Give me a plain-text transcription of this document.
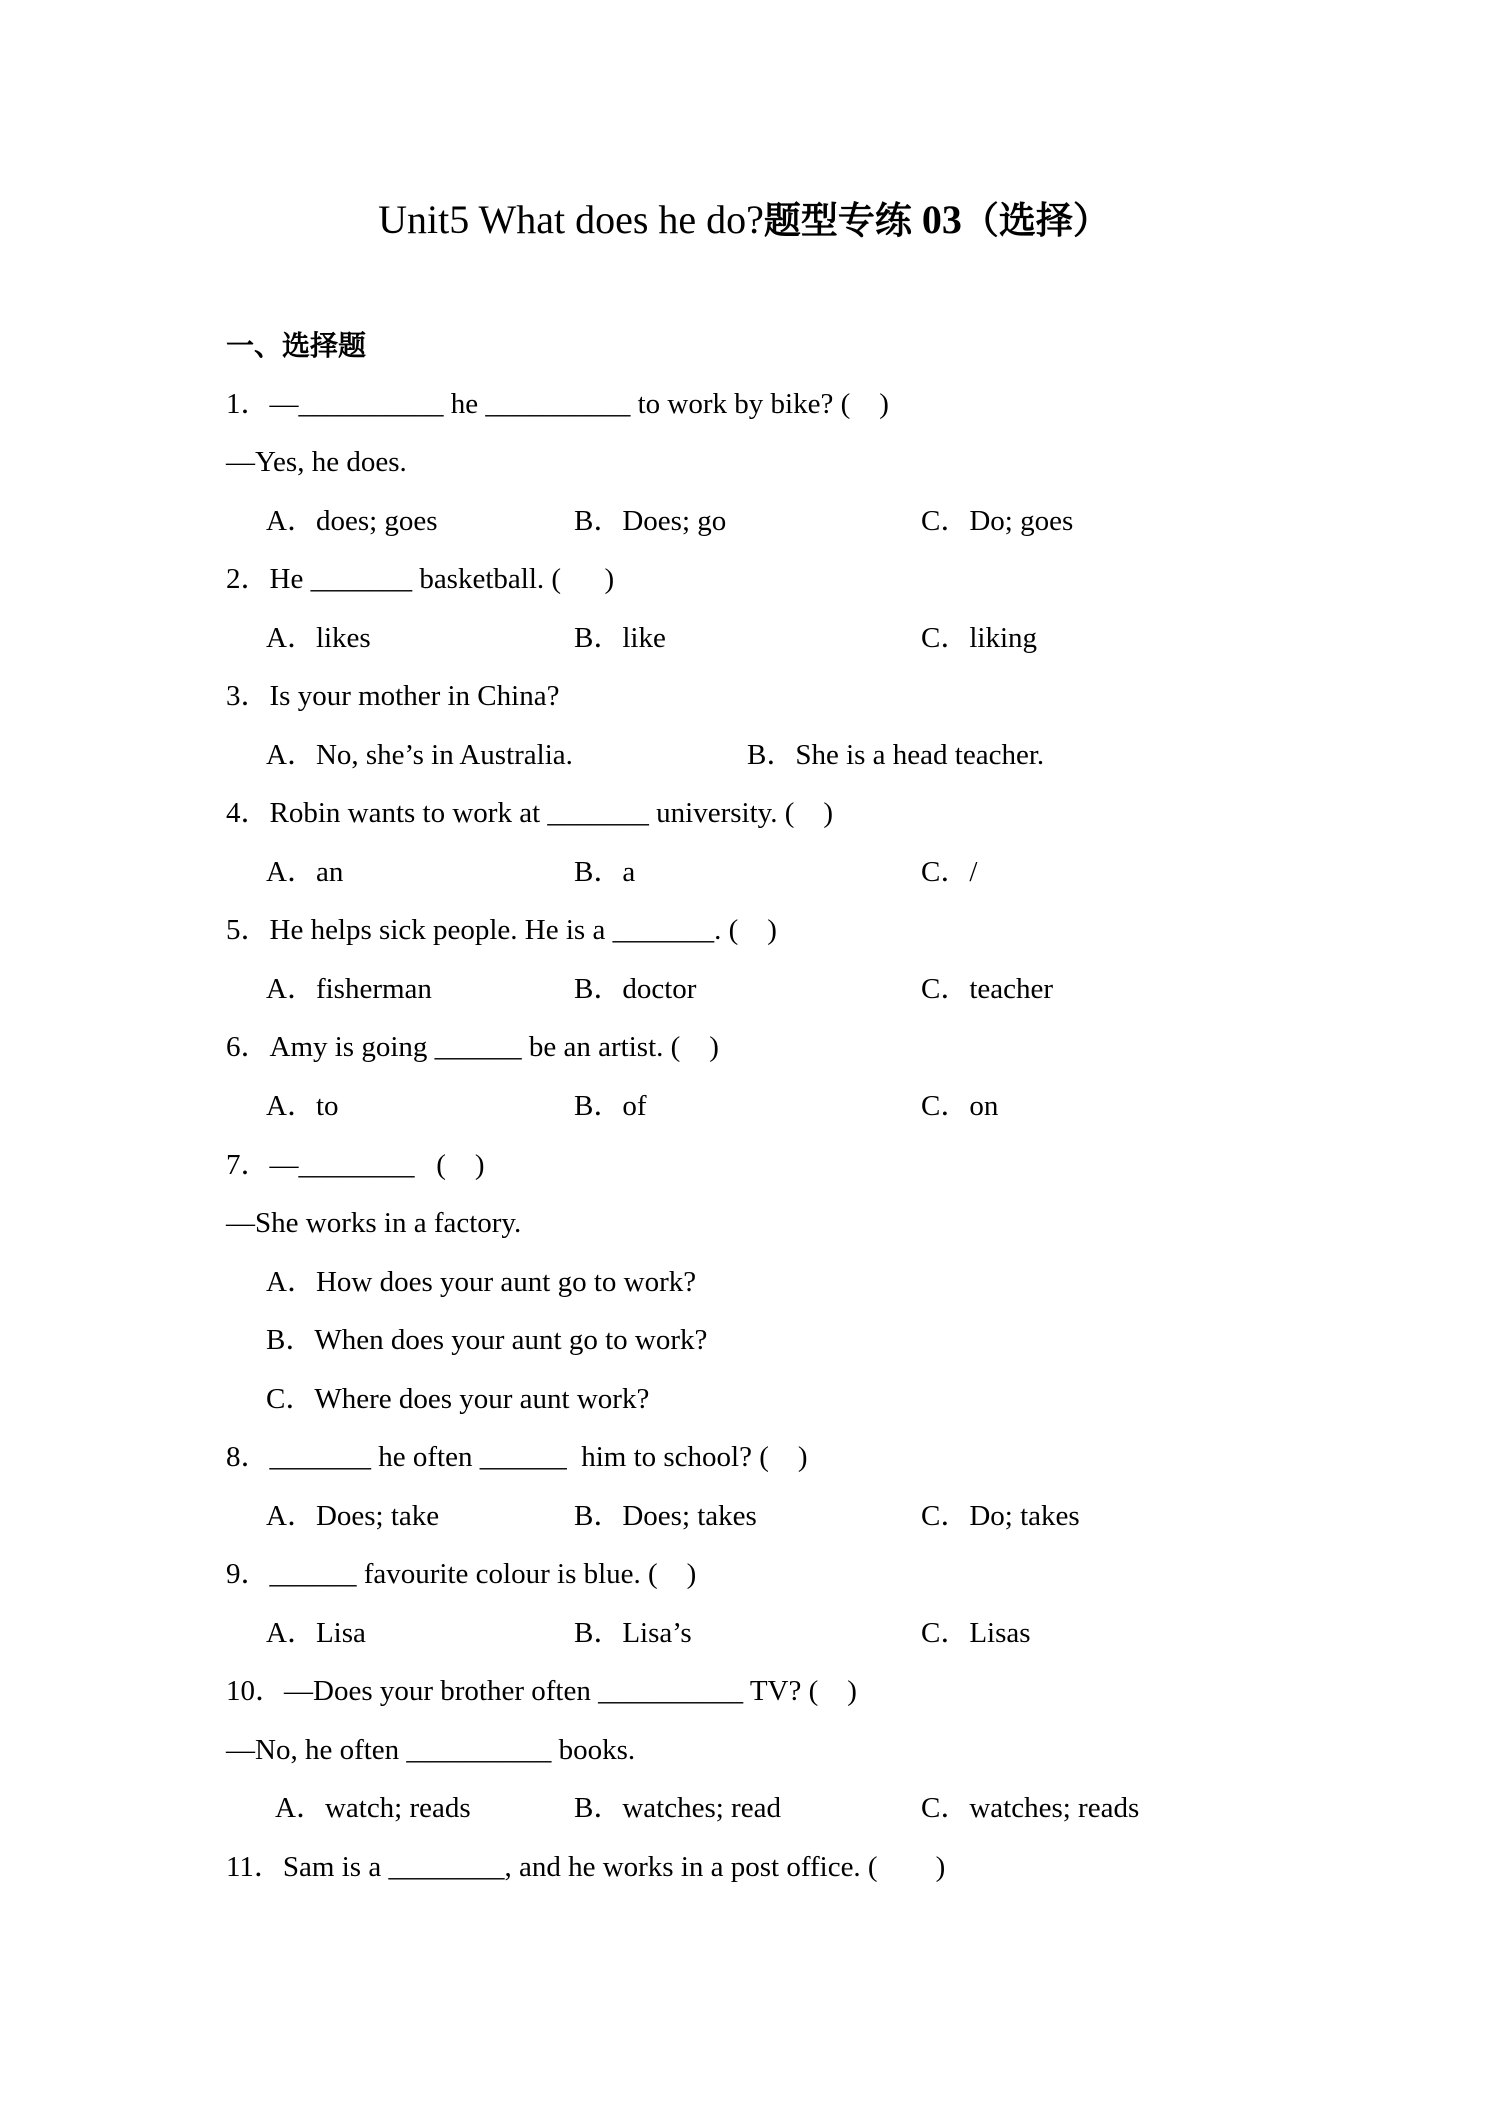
Unit5 What does he do?题型专练 03（选择）
一、选择题
1．—__________ he __________ to work by bike? (    )
—Yes, he does.
A．does; goes	B．Does; go	C．Do; goes
2．He _______ basketball. (      )
A．likes	B．like	C．liking
3．Is your mother in China?
A．No, she’s in Australia.	B．She is a head teacher.
4．Robin wants to work at _______ university. (    )
A．an	B．a	C．/
5．He helps sick people. He is a _______. (    )
A．fisherman	B．doctor	C．teacher
6．Amy is going ______ be an artist. (    )
A．to	B．of	C．on
7．—________   (    )
—She works in a factory.
A．How does your aunt go to work?
B．When does your aunt go to work?
C．Where does your aunt work?
8．_______ he often ______  him to school? (    )
A．Does; take	B．Does; takes	C．Do; takes
9．______ favourite colour is blue. (    )
A．Lisa	B．Lisa’s	C．Lisas
10．—Does your brother often __________ TV? (    )
—No, he often __________ books.
A．watch; reads	B．watches; read	C．watches; reads
11．Sam is a ________, and he works in a post office. (        )
